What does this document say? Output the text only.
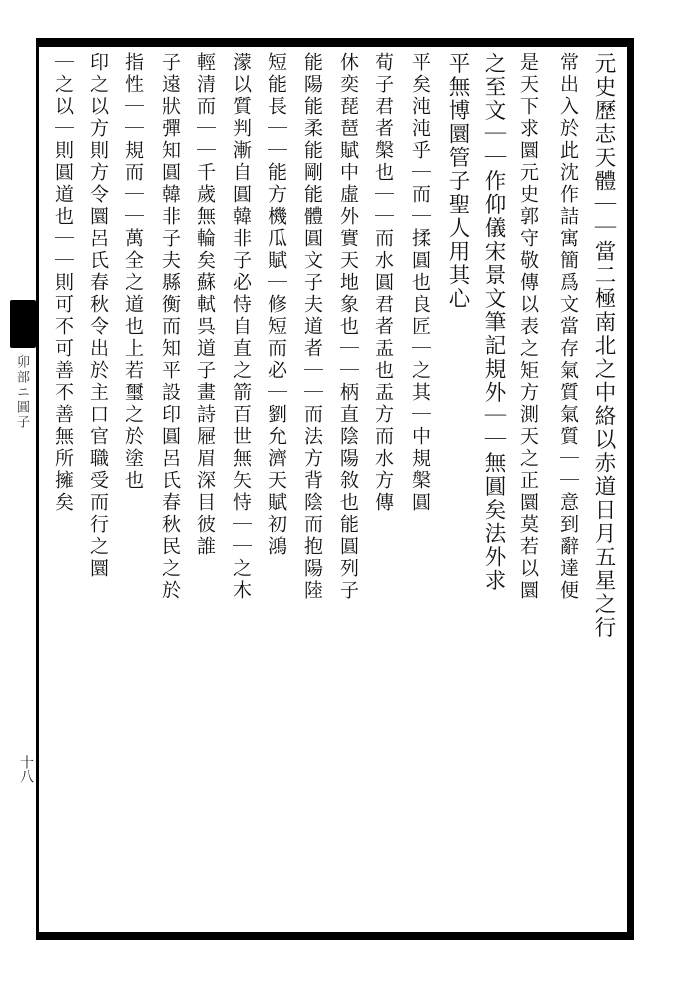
卯部ニ圓子
十八
元史歷志天體｜｜當二極南北之中絡以赤道日月五星之行
常出入於此沈作詰寓簡爲文當存氣質氣質｜｜意到辭達便
是天下求圜元史郭守敬傳以表之矩方測天之正圜莫若以圜
之至文｜｜作仰儀宋景文筆記規外｜｜無圓矣法外求
平無博圜管子聖人用其心
平矣沌沌乎｜而｜揉圓也良匠｜之其｜中規槃圓
荀子君者槃也｜｜而水圓君者盂也盂方而水方傳
休奕琵琶賦中虛外實天地象也｜｜柄直陰陽敘也能圓列子
能陽能柔能剛能體圓文子夫道者｜｜而法方背陰而抱陽陸
短能長｜｜能方機瓜賦｜修短而必｜劉允濟天賦初鴻
濛以質判漸自圓韓非子必恃自直之箭百世無矢恃｜｜之木
輕清而｜｜千歲無輪矣蘇軾呉道子畫詩屜眉深目彼誰
子遠狀彈知圓韓非子夫縣衡而知平設印圓呂氏春秋民之於
指性｜｜規而｜｜萬全之道也上若璽之於塗也
印之以方則方令圜呂氏春秋令出於主口官職受而行之圜
｜之以｜則圓道也｜｜則可不可善不善無所擁矣
